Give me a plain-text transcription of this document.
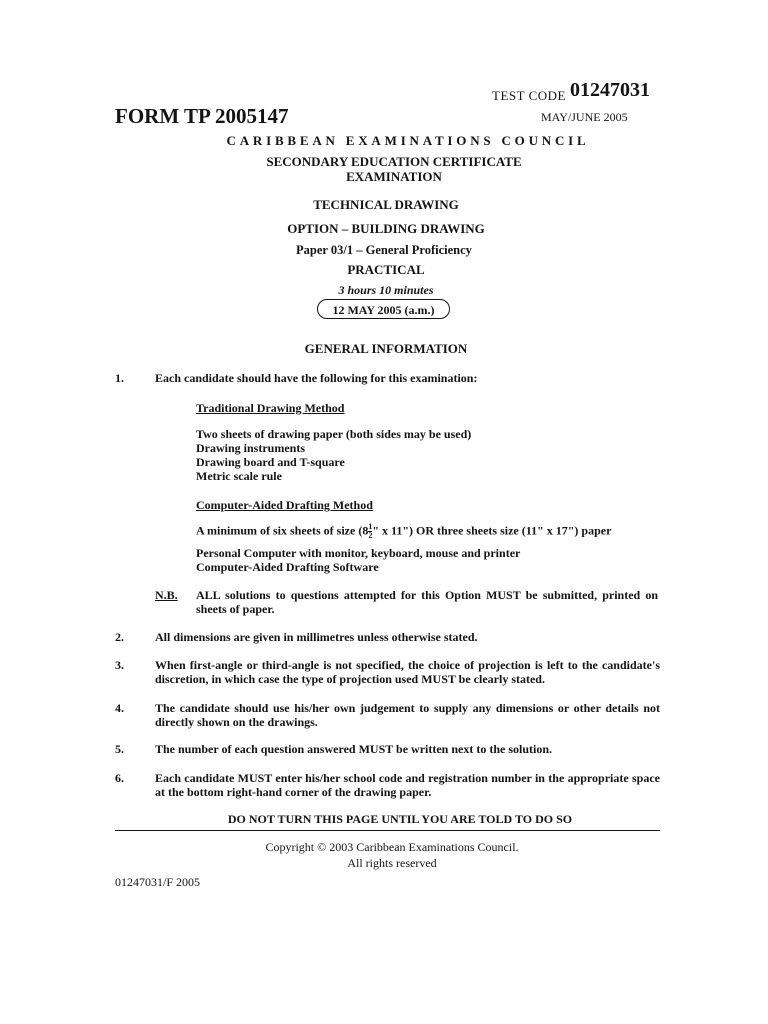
TEST CODE 01247031
FORM TP 2005147	MAY/JUNE 2005
CARIBBEAN EXAMINATIONS COUNCIL
SECONDARY EDUCATION CERTIFICATE
EXAMINATION
TECHNICAL DRAWING
OPTION – BUILDING DRAWING
Paper 03/1 – General Proficiency
PRACTICAL
3 hours 10 minutes
12 MAY 2005 (a.m.)
GENERAL INFORMATION
1.	Each candidate should have the following for this examination:
Traditional Drawing Method
Two sheets of drawing paper (both sides may be used)
Drawing instruments
Drawing board and T-square
Metric scale rule
Computer-Aided Drafting Method
A minimum of six sheets of size ($8 \frac{1}{2}$ " x 11") OR three sheets size (11" x 17") paper
Personal Computer with monitor, keyboard, mouse and printer
Computer-Aided Drafting Software
N.B. ALL solutions to questions attempted for this Option MUST be submitted, printed on sheets of paper.
2.	All dimensions are given in millimetres unless otherwise stated.
3.	When first-angle or third-angle is not specified, the choice of projection is left to the candidate's discretion, in which case the type of projection used MUST be clearly stated.
4.	The candidate should use his/her own judgement to supply any dimensions or other details not directly shown on the drawings.
5.	The number of each question answered MUST be written next to the solution.
6.	Each candidate MUST enter his/her school code and registration number in the appropriate space at the bottom right-hand corner of the drawing paper.
DO NOT TURN THIS PAGE UNTIL YOU ARE TOLD TO DO SO
Copyright © 2003 Caribbean Examinations Council.
All rights reserved
01247031/F 2005
